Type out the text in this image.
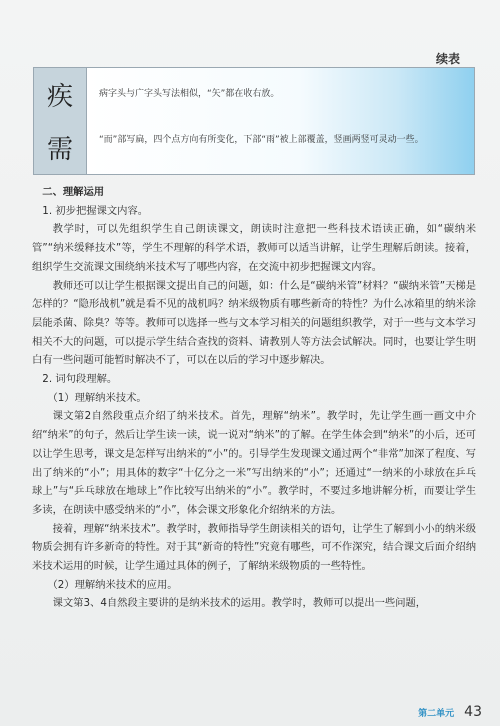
续表
疾	病字头与广字头写法相似，“矢”都在收右放。
需	“而”部写扁，四个点方向有所变化，下部“雨”被上部覆盖，竖画两竖可灵动一些。
二、理解运用
1. 初步把握课文内容。

教学时，可以先组织学生自己朗读课文，朗读时注意把一些科技术语读正确，如“碳纳米管”“纳米缓释技术”等，学生不理解的科学术语，教师可以适当讲解，让学生理解后朗读。接着，组织学生交流课文围绕纳米技术写了哪些内容，在交流中初步把握课文内容。

教师还可以让学生根据课文提出自己的问题，如：什么是“碳纳米管”材料？“碳纳米管”天梯是怎样的？“隐形战机”就是看不见的战机吗？纳米级物质有哪些新奇的特性？为什么冰箱里的纳米涂层能杀菌、除臭？等等。教师可以选择一些与文本学习相关的问题组织教学，对于一些与文本学习相关不大的问题，可以提示学生结合查找的资料、请教别人等方法会试解决。同时，也要让学生明白有一些问题可能暂时解决不了，可以在以后的学习中逐步解决。

2. 词句段理解。
（1）理解纳米技术。

课文第2自然段重点介绍了纳米技术。首先，理解“纳米”。教学时，先让学生画一画文中介绍“纳米”的句子，然后让学生读一读，说一说对“纳米”的了解。在学生体会到“纳米”的小后，还可以让学生思考，课文是怎样写出纳米的“小”的。引导学生发现课文通过两个“非常”加深了程度、写出了纳米的“小”；用具体的数字“十亿分之一米”写出纳米的“小”；还通过“一纳米的小球放在乒乓球上”与“乒乓球放在地球上”作比较写出纳米的“小”。教学时，不要过多地讲解分析，而要让学生多读，在朗读中感受纳米的“小”，体会课文形象化介绍纳米的方法。

接着，理解“纳米技术”。教学时，教师指导学生朗读相关的语句，让学生了解到小小的纳米级物质会拥有许多新奇的特性。对于其“新奇的特性”究竟有哪些，可不作深究，结合课文后面介绍纳米技术运用的时候，让学生通过具体的例子，了解纳米级物质的一些特性。

（2）理解纳米技术的应用。

课文第3、4自然段主要讲的是纳米技术的运用。教学时，教师可以提出一些问题，

第二单元 43
